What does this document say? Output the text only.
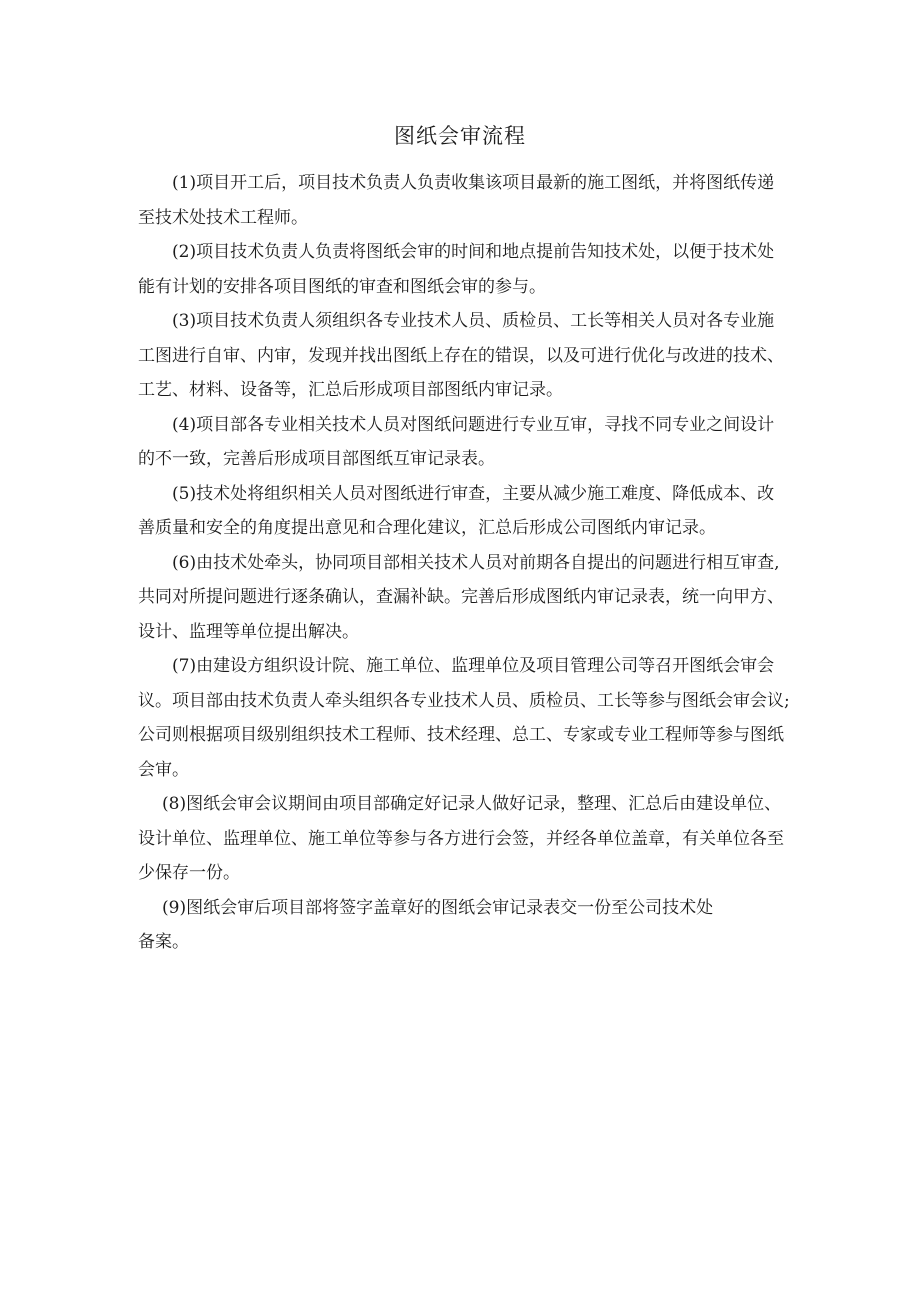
图纸会审流程
(1)项目开工后，项目技术负责人负责收集该项目最新的施工图纸，并将图纸传递
至技术处技术工程师。
(2)项目技术负责人负责将图纸会审的时间和地点提前告知技术处，以便于技术处
能有计划的安排各项目图纸的审查和图纸会审的参与。
(3)项目技术负责人须组织各专业技术人员、质检员、工长等相关人员对各专业施
工图进行自审、内审，发现并找出图纸上存在的错误，以及可进行优化与改进的技术、
工艺、材料、设备等，汇总后形成项目部图纸内审记录。
(4)项目部各专业相关技术人员对图纸问题进行专业互审，寻找不同专业之间设计
的不一致，完善后形成项目部图纸互审记录表。
(5)技术处将组织相关人员对图纸进行审查，主要从减少施工难度、降低成本、改
善质量和安全的角度提出意见和合理化建议，汇总后形成公司图纸内审记录。
(6)由技术处牵头，协同项目部相关技术人员对前期各自提出的问题进行相互审查,
共同对所提问题进行逐条确认，查漏补缺。完善后形成图纸内审记录表，统一向甲方、
设计、监理等单位提出解决。
(7)由建设方组织设计院、施工单位、监理单位及项目管理公司等召开图纸会审会
议。项目部由技术负责人牵头组织各专业技术人员、质检员、工长等参与图纸会审会议;
公司则根据项目级别组织技术工程师、技术经理、总工、专家或专业工程师等参与图纸
会审。
(8)图纸会审会议期间由项目部确定好记录人做好记录，整理、汇总后由建设单位、
设计单位、监理单位、施工单位等参与各方进行会签，并经各单位盖章，有关单位各至
少保存一份。
(9)图纸会审后项目部将签字盖章好的图纸会审记录表交一份至公司技术处
备案。
